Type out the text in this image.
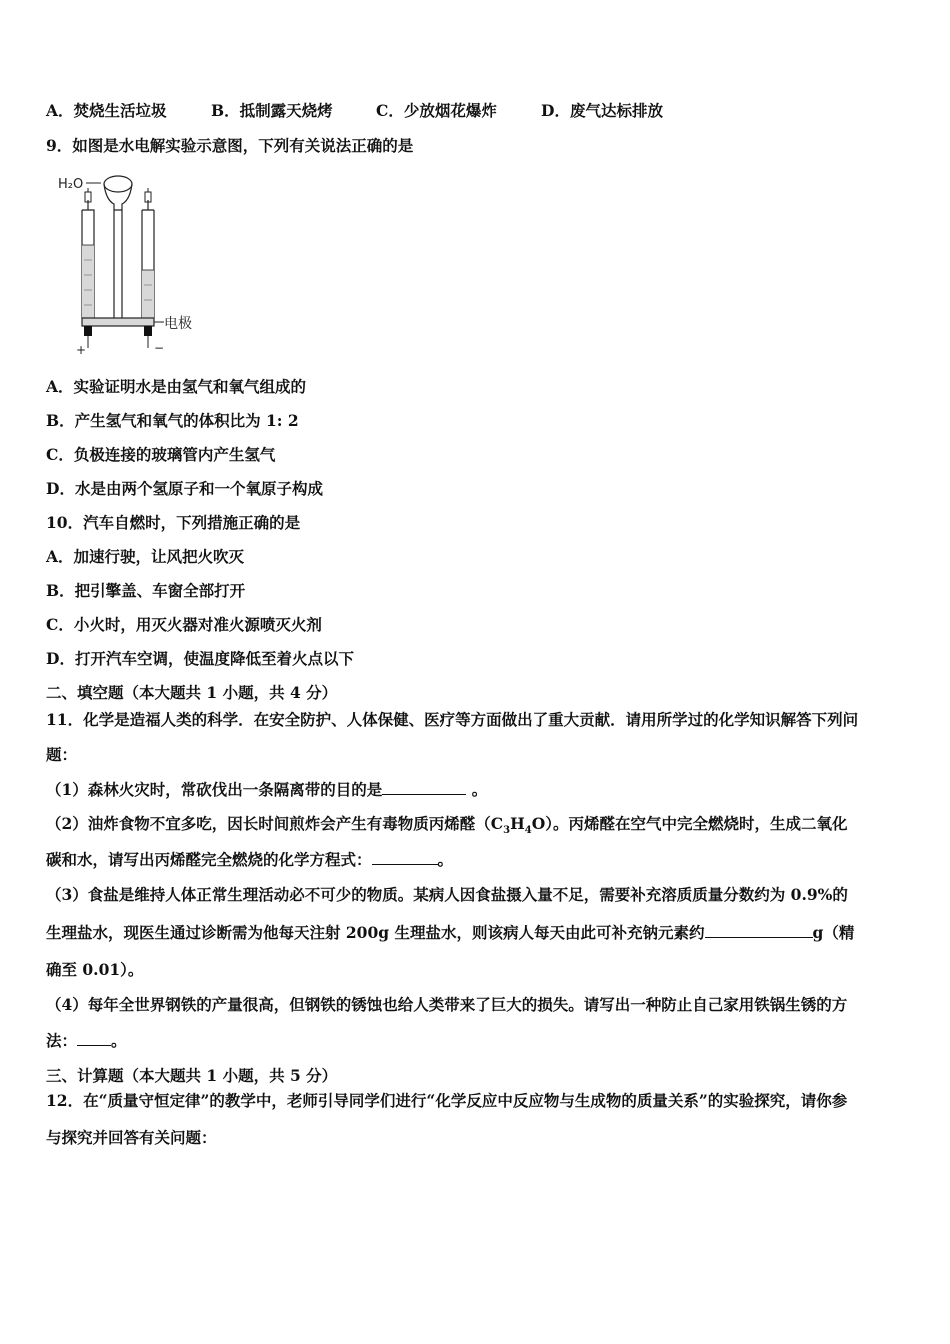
A．焚烧生活垃圾	B．抵制露天烧烤	C．少放烟花爆炸	D．废气达标排放
9．如图是水电解实验示意图，下列有关说法正确的是
H₂O
电极
+	−
A．实验证明水是由氢气和氧气组成的
B．产生氢气和氧气的体积比为 1: 2
C．负极连接的玻璃管内产生氢气
D．水是由两个氢原子和一个氧原子构成
10．汽车自燃时，下列措施正确的是
A．加速行驶，让风把火吹灭
B．把引擎盖、车窗全部打开
C．小火时，用灭火器对准火源喷灭火剂
D．打开汽车空调，使温度降低至着火点以下
二、填空题（本大题共 1 小题，共 4 分）
11．化学是造福人类的科学．在安全防护、人体保健、医疗等方面做出了重大贡献．请用所学过的化学知识解答下列问
题：
（1）森林火灾时，常砍伐出一条隔离带的目的是	。
（2）油炸食物不宜多吃，因长时间煎炸会产生有毒物质丙烯醛$(C_3H_4O)$。丙烯醛在空气中完全燃烧时，生成二氧化
碳和水，请写出丙烯醛完全燃烧的化学方程式：	。
（3）食盐是维持人体正常生理活动必不可少的物质。某病人因食盐摄入量不足，需要补充溶质质量分数约为 0.9%的
生理盐水，现医生通过诊断需为他每天注射 200g 生理盐水，则该病人每天由此可补充钠元素约	g（精
确至 0.01）。
（4）每年全世界钢铁的产量很高，但钢铁的锈蚀也给人类带来了巨大的损失。请写出一种防止自己家用铁锅生锈的方
法： 。
三、计算题（本大题共 1 小题，共 5 分）
12．在“质量守恒定律”的教学中，老师引导同学们进行“化学反应中反应物与生成物的质量关系”的实验探究，请你参
与探究并回答有关问题：
